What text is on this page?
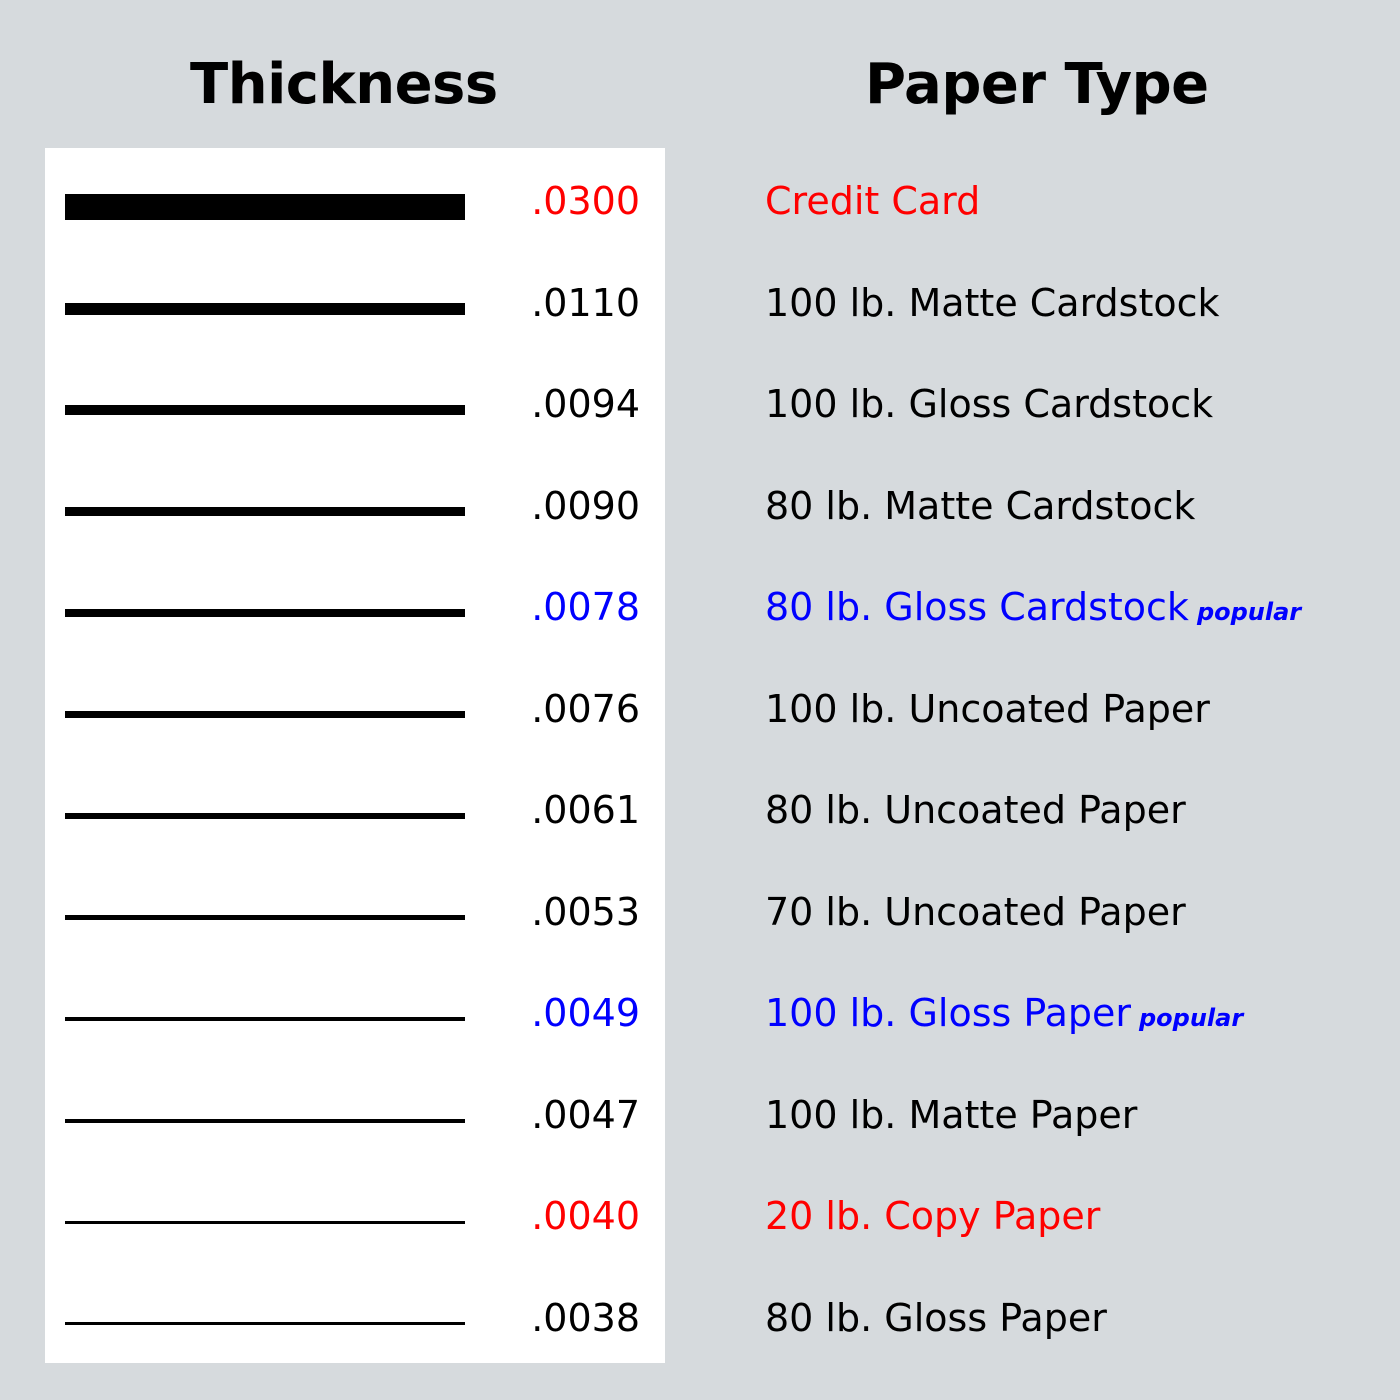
Thickness	Paper Type
.0300	Credit Card
.0110	100 lb. Matte Cardstock
.0094	100 lb. Gloss Cardstock
.0090	80 lb. Matte Cardstock
.0078	80 lb. Gloss Cardstock popular
.0076	100 lb. Uncoated Paper
.0061	80 lb. Uncoated Paper
.0053	70 lb. Uncoated Paper
.0049	100 lb. Gloss Paper popular
.0047	100 lb. Matte Paper
.0040	20 lb. Copy Paper
.0038	80 lb. Gloss Paper
